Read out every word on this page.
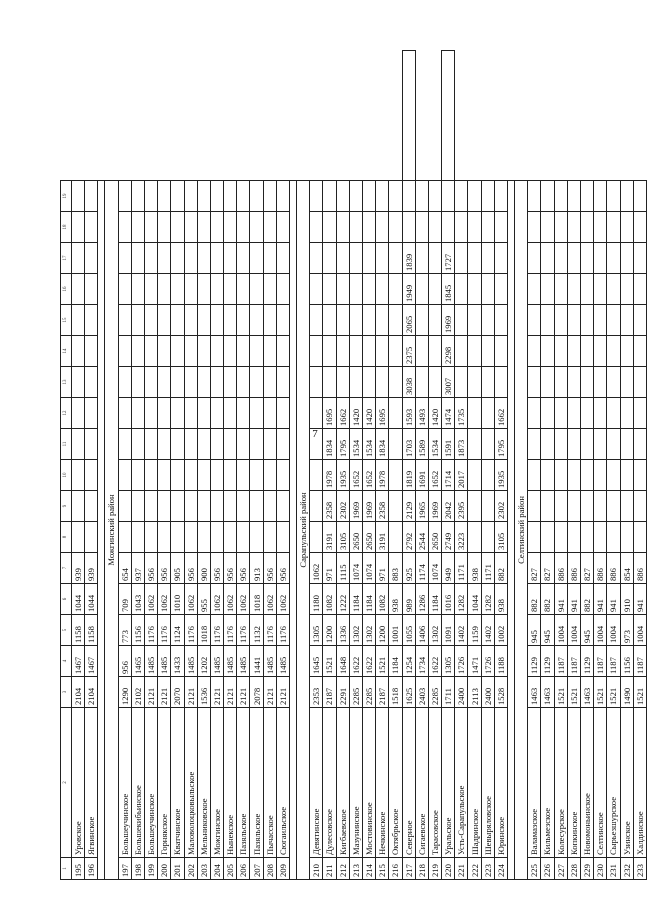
7
1	2	3	4	5	6	7	8	9	10	11	12	13	14	15	16	17	18	19	
195	Уровское	2104	1467	1158	1044	939													
196	Ягвинское	2104	1467	1158	1044	939													

Можгинский район																			
197	Большеучинское	1290	956	773	709	654													
198	Большекибьинское	2102	1465	1156	1043	937													
199	Большеучинское	2121	1485	1176	1062	956													
200	Горнякское	2121	1485	1176	1062	956													
201	Кватчинское	2070	1433	1124	1010	905													
202	Маловолоцковыльское	2121	1485	1176	1062	956													
203	Мельниковское	1536	1202	1018	955	900													
204	Можгинское	2121	1485	1176	1062	956													
205	Нынекское	2121	1485	1176	1062	956													
206	Пазяльское	2121	1485	1176	1062	956													
207	Пазяльское	2078	1441	1132	1018	913													
208	Пычасское	2121	1485	1176	1062	956													
209	Сюгаильское	2121	1485	1176	1062	956													

Сарапульский район																			
210	Девятинское	2353	1645	1305	1180	1062													
211	Дулесовское	2187	1521	1200	1082	971	3191	2358	1978	1834	1695								
212	Кигбаевское	2291	1648	1336	1222	1115	3105	2302	1935	1795	1662								
213	Мазунинское	2285	1622	1302	1184	1074	2650	1969	1652	1534	1420								
214	Мостовинское	2285	1622	1302	1184	1074	2650	1969	1652	1534	1420								
215	Нечкинское	2187	1521	1200	1082	971	3191	2358	1978	1834	1695								
216	Октябрьское	1518	1184	1001	938	883													
217	Северное	1625	1254	1055	989	925	2792	2129	1819	1703	1593	3038	2375	2065	1949	1839			
218	Сигаевское	2403	1734	1406	1286	1174	2544	1965	1691	1589	1493								
219	Тарасовское	2285	1622	1302	1184	1074	2650	1969	1652	1534	1420								
220	Уральское	1711	1305	1091	1016	949	2749	2042	1714	1591	1474	3007	2298	1969	1845	1727			
221	Усть-Сарапульское	2400	1726	1402	1282	1171	3223	2395	2017	1873	1735								
222	Шадринское	2113	1471	1159	1044	938													
223	Шевыряловское	2400	1726	1402	1282	1171													
224	Юринское	1528	1188	1002	938	882	3105	2302	1935	1795	1662								

Селтинский район																			
225	Валамазское	1463	1129	945	882	827													
226	Кильмезское	1463	1129	945	882	827													
227	Колесурское	1521	1187	1004	941	886													
228	Копкинское	1521	1187	1004	941	886													
229	Новомоньинское	1463	1129	945	882	827													
230	Селтинское	1521	1187	1004	941	886													
231	Сырьезшурское	1521	1187	1004	941	886													
232	Узинское	1490	1156	973	910	854													
233	Халдинское	1521	1187	1004	941	886													
